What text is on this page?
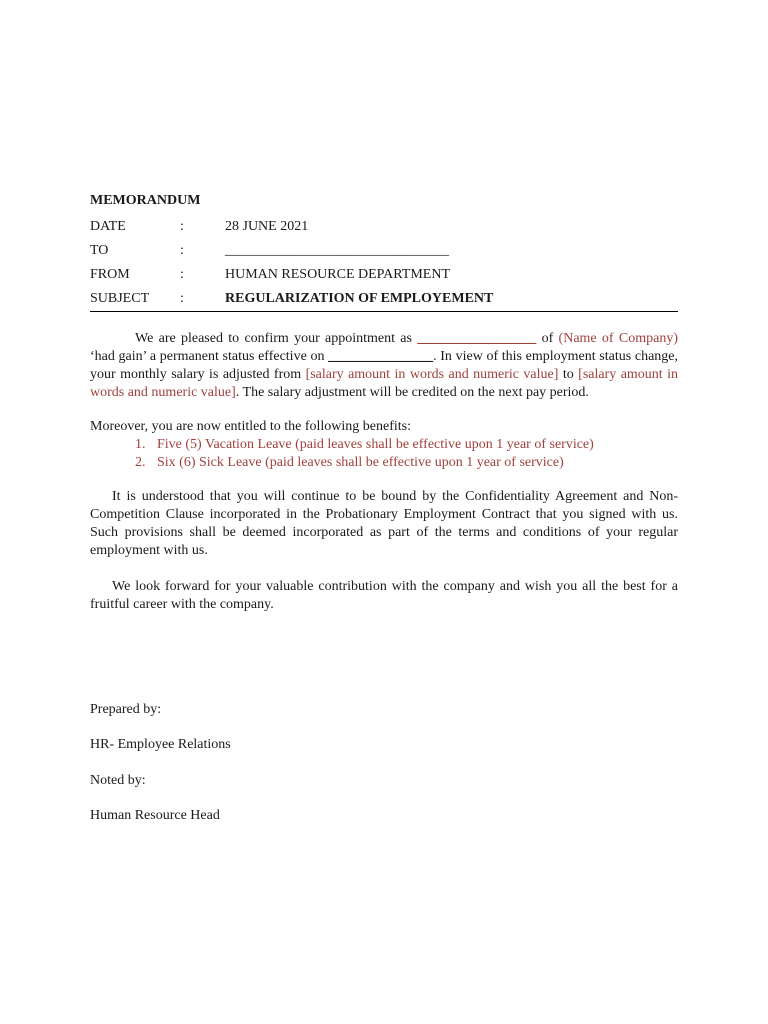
MEMORANDUM
DATE	:	28 JUNE 2021
TO	:	________________________________
FROM	:	HUMAN RESOURCE DEPARTMENT
SUBJECT	:	REGULARIZATION OF EMPLOYEMENT

We are pleased to confirm your appointment as _________________ of (Name of Company) ‘had gain’ a permanent status effective on _______________. In view of this employment status change, your monthly salary is adjusted from [salary amount in words and numeric value] to [salary amount in words and numeric value]. The salary adjustment will be credited on the next pay period.

Moreover, you are now entitled to the following benefits:

1. Five (5) Vacation Leave (paid leaves shall be effective upon 1 year of service)
2. Six (6) Sick Leave (paid leaves shall be effective upon 1 year of service)

It is understood that you will continue to be bound by the Confidentiality Agreement and Non-Competition Clause incorporated in the Probationary Employment Contract that you signed with us. Such provisions shall be deemed incorporated as part of the terms and conditions of your regular employment with us.

We look forward for your valuable contribution with the company and wish you all the best for a fruitful career with the company.

Prepared by:
HR- Employee Relations
Noted by:
Human Resource Head
